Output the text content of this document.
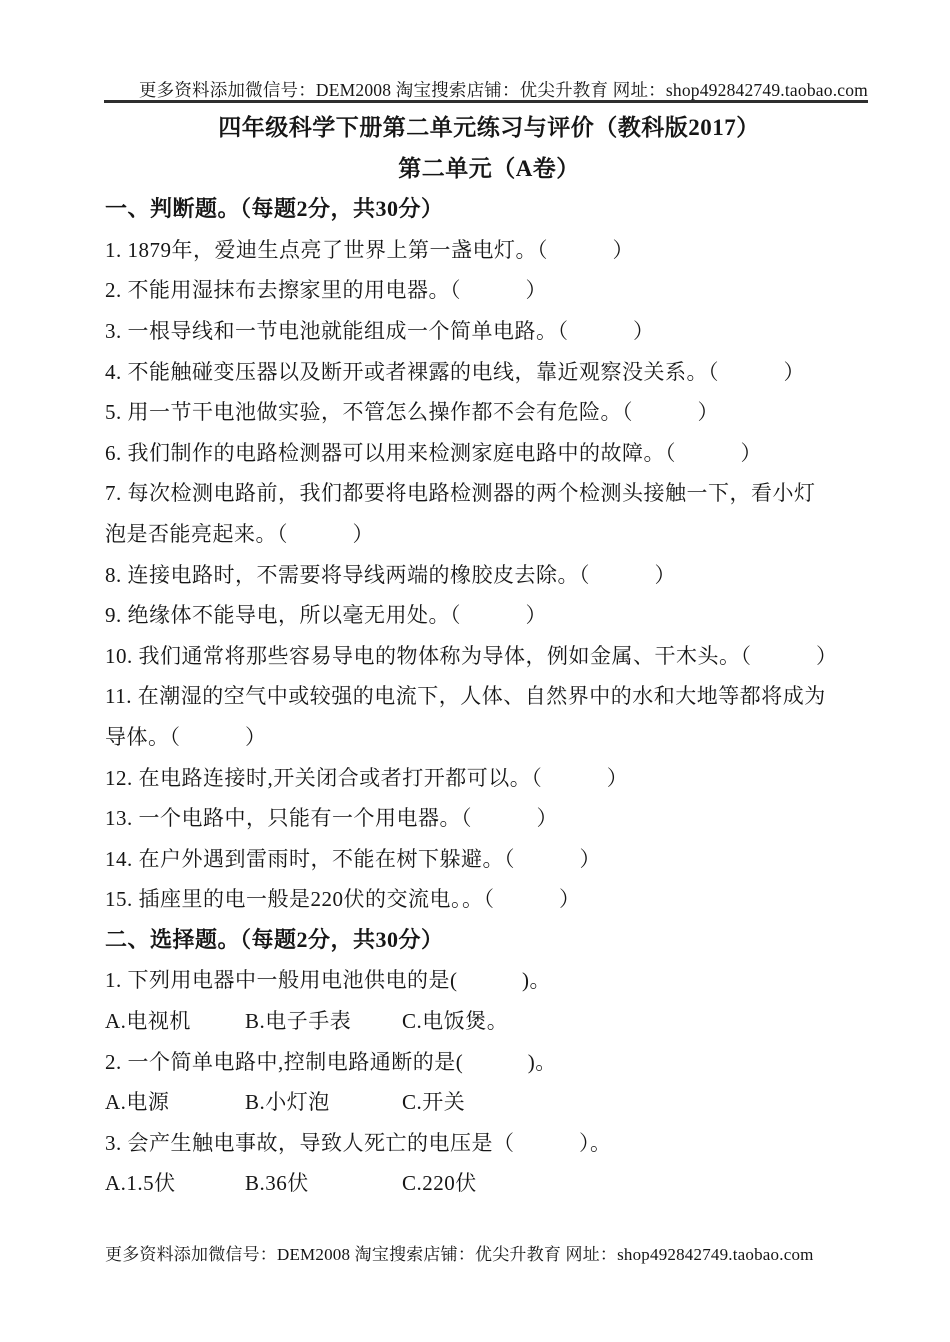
更多资料添加微信号：DEM2008 淘宝搜索店铺：优尖升教育 网址：shop492842749.taobao.com
四年级科学下册第二单元练习与评价（教科版2017）
第二单元（A卷）
一、判断题。（每题2分，共30分）
1. 1879年，爱迪生点亮了世界上第一盏电灯。（　　　）
2. 不能用湿抹布去擦家里的用电器。（　　　）
3. 一根导线和一节电池就能组成一个简单电路。（　　　）
4. 不能触碰变压器以及断开或者裸露的电线，靠近观察没关系。（　　　）
5. 用一节干电池做实验，不管怎么操作都不会有危险。（　　　）
6. 我们制作的电路检测器可以用来检测家庭电路中的故障。（　　　）
7. 每次检测电路前，我们都要将电路检测器的两个检测头接触一下，看小灯
泡是否能亮起来。（　　　）
8. 连接电路时，不需要将导线两端的橡胶皮去除。（　　　）
9. 绝缘体不能导电，所以毫无用处。（　　　）
10. 我们通常将那些容易导电的物体称为导体，例如金属、干木头。（　　　）
11. 在潮湿的空气中或较强的电流下，人体、自然界中的水和大地等都将成为
导体。（　　　）
12. 在电路连接时,开关闭合或者打开都可以。（　　　）
13. 一个电路中，只能有一个用电器。（　　　）
14. 在户外遇到雷雨时，不能在树下躲避。（　　　）
15. 插座里的电一般是220伏的交流电。。（　　　）
二、选择题。（每题2分，共30分）
1. 下列用电器中一般用电池供电的是(　　　)。
A.电视机	B.电子手表 C.电饭煲。
2. 一个简单电路中,控制电路通断的是(　　　)。
A.电源	B.小灯泡	C.开关
3. 会产生触电事故，导致人死亡的电压是（　　　）。
A.1.5伏	B.36伏	C.220伏
更多资料添加微信号：DEM2008 淘宝搜索店铺：优尖升教育 网址：shop492842749.taobao.com
